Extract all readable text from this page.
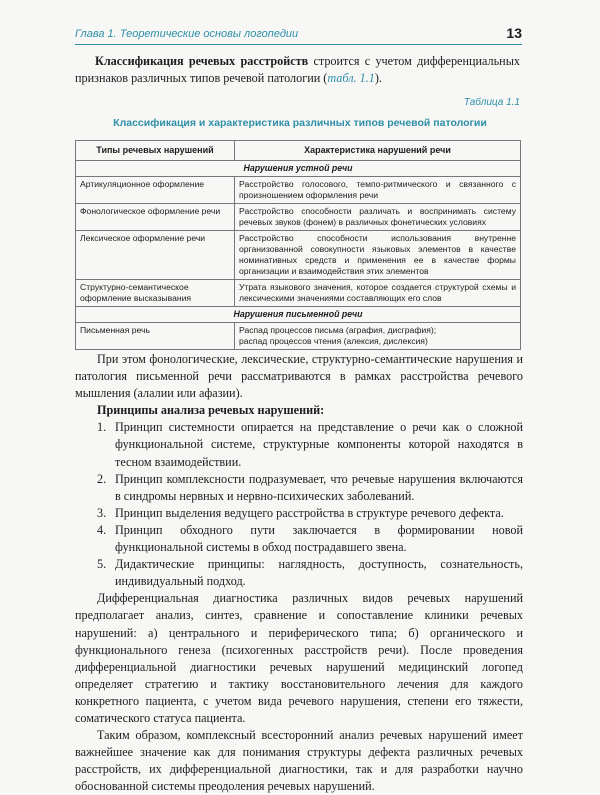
Глава 1. Теоретические основы логопедии	13
Классификация речевых расстройств строится с учетом дифференциальных признаков различных типов речевой патологии (табл. 1.1).
Таблица 1.1
Классификация и характеристика различных типов речевой патологии
Типы речевых нарушений	Характеристика нарушений речи
Нарушения устной речи	
Артикуляционное оформление	Расстройство голосового, темпо-ритмического и связанного с произношением оформления речи
Фонологическое оформление речи	Расстройство способности различать и воспринимать систему речевых звуков (фонем) в различных фонетических условиях
Лексическое оформление речи	Расстройство способности использования внутренне организованной совокупности языковых элементов в качестве номинативных средств и применения ее в качестве формы организации и взаимодействия этих элементов
Структурно-семантическое оформление высказывания	Утрата языкового значения, которое создается структурой схемы и лексическими значениями составляющих его слов
Нарушения письменной речи	
Письменная речь	Распад процессов письма (аграфия, дисграфия);
распад процессов чтения (алексия, дислексия)

При этом фонологические, лексические, структурно-семантические нарушения и патология письменной речи рассматриваются в рамках расстройства речевого мышления (алалии или афазии).

Принципы анализа речевых нарушений:

1. Принцип системности опирается на представление о речи как о сложной функциональной системе, структурные компоненты которой находятся в тесном взаимодействии.
2. Принцип комплексности подразумевает, что речевые нарушения включаются в синдромы нервных и нервно-психических заболеваний.
3. Принцип выделения ведущего расстройства в структуре речевого дефекта.
4. Принцип обходного пути заключается в формировании новой функциональной системы в обход пострадавшего звена.
5. Дидактические принципы: наглядность, доступность, сознательность, индивидуальный подход.

Дифференциальная диагностика различных видов речевых нарушений предполагает анализ, синтез, сравнение и сопоставление клиники речевых нарушений: а) центрального и периферического типа; б) органического и функционального генеза (психогенных расстройств речи). После проведения дифференциальной диагностики речевых нарушений медицинский логопед определяет стратегию и тактику восстановительного лечения для каждого конкретного пациента, с учетом вида речевого нарушения, степени его тяжести, соматического статуса пациента.

Таким образом, комплексный всесторонний анализ речевых нарушений имеет важнейшее значение как для понимания структуры дефекта различных речевых расстройств, их дифференциальной диагностики, так и для разработки научно обоснованной системы преодоления речевых нарушений.
